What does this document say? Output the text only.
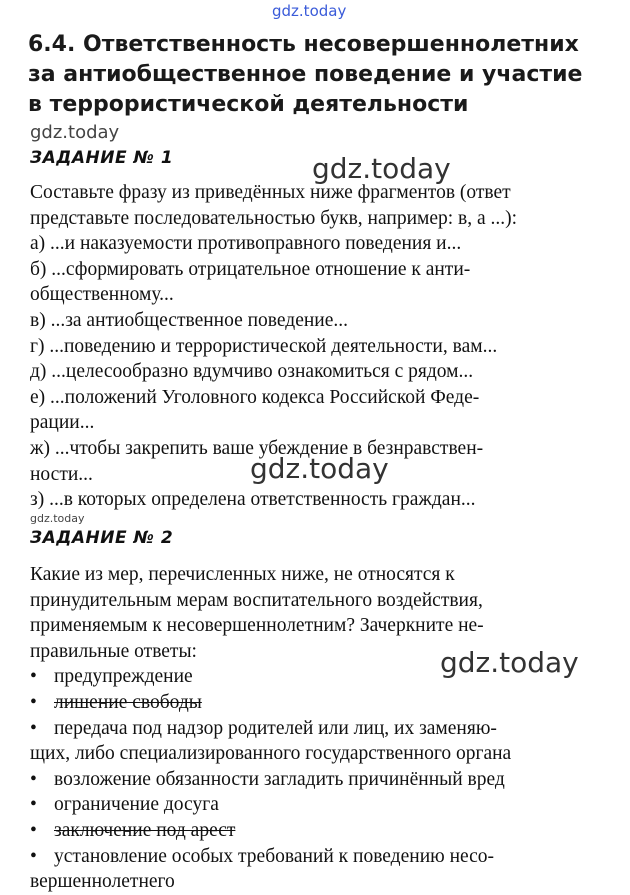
gdz.today
gdz.today
gdz.today
gdz.today
gdz.today
gdz.today
6.4. Ответственность несовершеннолетних
за антиобщественное поведение и участие
в террористической деятельности
ЗАДАНИЕ № 1
Составьте фразу из приведённых ниже фрагментов (ответ
представьте последовательностью букв, например: в, а ...):
а) ...и наказуемости противоправного поведения и...
б) ...сформировать отрицательное отношение к анти-
общественному...
в) ...за антиобщественное поведение...
г) ...поведению и террористической деятельности, вам...
д) ...целесообразно вдумчиво ознакомиться с рядом...
е) ...положений Уголовного кодекса Российской Феде-
рации...
ж) ...чтобы закрепить ваше убеждение в безнравствен-
ности...
з) ...в которых определена ответственность граждан...
ЗАДАНИЕ № 2
Какие из мер, перечисленных ниже, не относятся к
принудительным мерам воспитательного воздействия,
применяемым к несовершеннолетним? Зачеркните не-
правильные ответы:
• предупреждение
• лишение свободы
• передача под надзор родителей или лиц, их заменяю-
щих, либо специализированного государственного органа
• возложение обязанности загладить причинённый вред
• ограничение досуга
• заключение под арест
• установление особых требований к поведению несо-
вершеннолетнего
